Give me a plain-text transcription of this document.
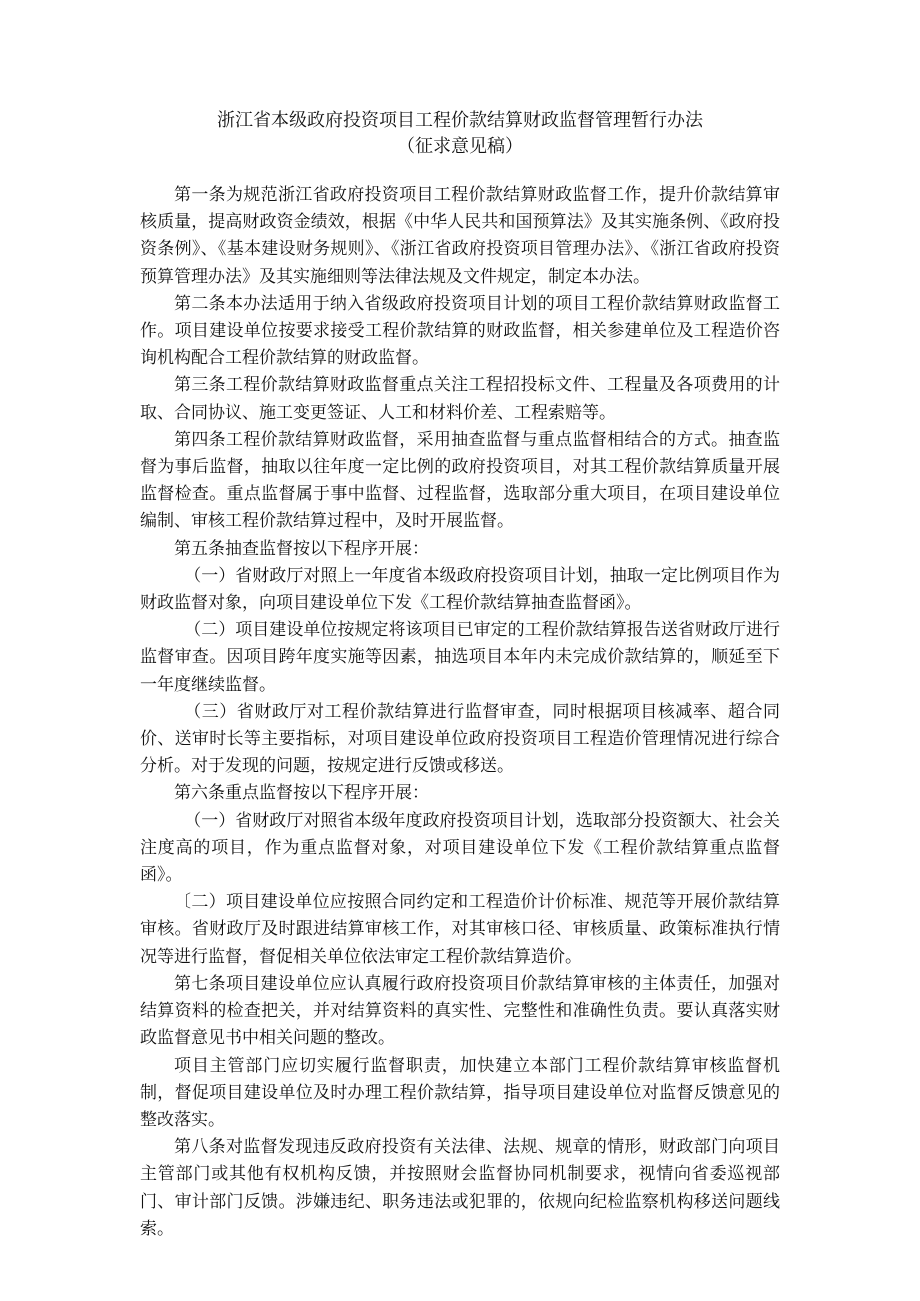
浙江省本级政府投资项目工程价款结算财政监督管理暂行办法
（征求意见稿）

第一条为规范浙江省政府投资项目工程价款结算财政监督工作，提升价款结算审核质量，提高财政资金绩效，根据《中华人民共和国预算法》及其实施条例、《政府投资条例》、《基本建设财务规则》、《浙江省政府投资项目管理办法》、《浙江省政府投资预算管理办法》及其实施细则等法律法规及文件规定，制定本办法。

第二条本办法适用于纳入省级政府投资项目计划的项目工程价款结算财政监督工作。项目建设单位按要求接受工程价款结算的财政监督，相关参建单位及工程造价咨询机构配合工程价款结算的财政监督。

第三条工程价款结算财政监督重点关注工程招投标文件、工程量及各项费用的计取、合同协议、施工变更签证、人工和材料价差、工程索赔等。

第四条工程价款结算财政监督，采用抽查监督与重点监督相结合的方式。抽查监督为事后监督，抽取以往年度一定比例的政府投资项目，对其工程价款结算质量开展监督检查。重点监督属于事中监督、过程监督，选取部分重大项目，在项目建设单位编制、审核工程价款结算过程中，及时开展监督。

第五条抽查监督按以下程序开展：

（一）省财政厅对照上一年度省本级政府投资项目计划，抽取一定比例项目作为财政监督对象，向项目建设单位下发《工程价款结算抽查监督函》。

（二）项目建设单位按规定将该项目已审定的工程价款结算报告送省财政厅进行监督审查。因项目跨年度实施等因素，抽选项目本年内未完成价款结算的，顺延至下一年度继续监督。

（三）省财政厅对工程价款结算进行监督审查，同时根据项目核减率、超合同价、送审时长等主要指标，对项目建设单位政府投资项目工程造价管理情况进行综合分析。对于发现的问题，按规定进行反馈或移送。

第六条重点监督按以下程序开展：

（一）省财政厅对照省本级年度政府投资项目计划，选取部分投资额大、社会关注度高的项目，作为重点监督对象，对项目建设单位下发《工程价款结算重点监督函》。

〔二）项目建设单位应按照合同约定和工程造价计价标准、规范等开展价款结算审核。省财政厅及时跟进结算审核工作，对其审核口径、审核质量、政策标准执行情况等进行监督，督促相关单位依法审定工程价款结算造价。

第七条项目建设单位应认真履行政府投资项目价款结算审核的主体责任，加强对结算资料的检查把关，并对结算资料的真实性、完整性和准确性负责。要认真落实财政监督意见书中相关问题的整改。

项目主管部门应切实履行监督职责，加快建立本部门工程价款结算审核监督机制，督促项目建设单位及时办理工程价款结算，指导项目建设单位对监督反馈意见的整改落实。

第八条对监督发现违反政府投资有关法律、法规、规章的情形，财政部门向项目主管部门或其他有权机构反馈，并按照财会监督协同机制要求，视情向省委巡视部门、审计部门反馈。涉嫌违纪、职务违法或犯罪的，依规向纪检监察机构移送问题线索。
